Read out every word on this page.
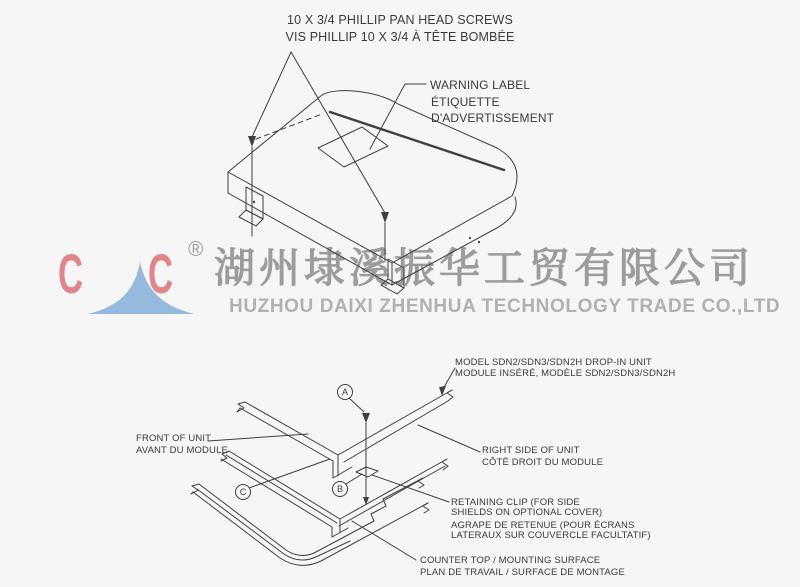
C C ® 湖州埭溪振华工贸有限公司
HUZHOU DAIXI ZHENHUA TECHNOLOGY TRADE CO.,LTD
A
B
C
10 X 3/4 PHILLIP PAN HEAD SCREWS
VIS PHILLIP 10 X 3/4 À TÊTE BOMBÉE
WARNING LABEL
ÉTIQUETTE
D'ADVERTISSEMENT
MODEL SDN2/SDN3/SDN2H DROP-IN UNIT
MODULE INSÉRÉ, MODÈLE SDN2/SDN3/SDN2H
FRONT OF UNIT
AVANT DU MODULE	RIGHT SIDE OF UNIT
CÔTÉ DROIT DU MODULE
RETAINING CLIP (FOR SIDE
SHIELDS ON OPTIONAL COVER)
AGRAPE DE RETENUE (POUR ÉCRANS
LATERAUX SUR COUVERCLE FACULTATIF)
COUNTER TOP / MOUNTING SURFACE
PLAN DE TRAVAIL / SURFACE DE MONTAGE
